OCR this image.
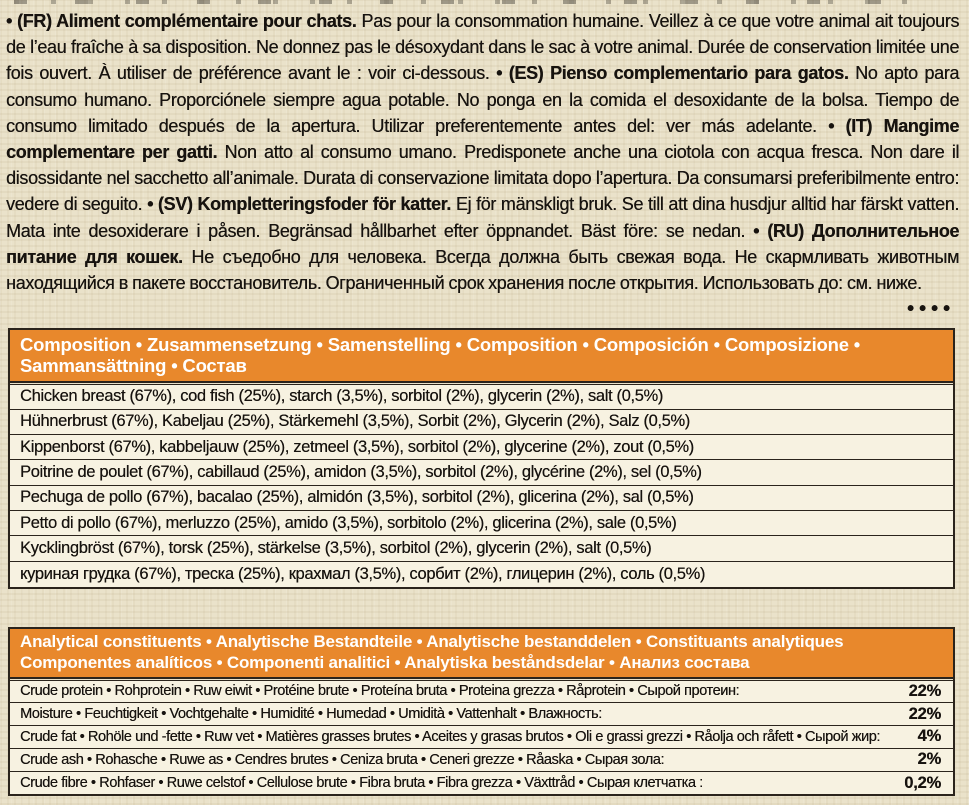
• (FR) Aliment complémentaire pour chats. Pas pour la consommation humaine. Veillez à ce que votre animal ait toujours de l’eau fraîche à sa disposition. Ne donnez pas le désoxydant dans le sac à votre animal. Durée de conservation limitée une fois ouvert. À utiliser de préférence avant le : voir ci-dessous. • (ES) Pienso complementario para gatos. No apto para consumo humano. Proporciónele siempre agua potable. No ponga en la comida el desoxidante de la bolsa. Tiempo de consumo limitado después de la apertura. Utilizar preferentemente antes del: ver más adelante. • (IT) Mangime complementare per gatti. Non atto al consumo umano. Predisponete anche una ciotola con acqua fresca. Non dare il disossidante nel sacchetto all’animale. Durata di conservazione limitata dopo l’apertura. Da consumarsi preferibilmente entro: vedere di seguito. • (SV) Kompletteringsfoder för katter. Ej för mänskligt bruk. Se till att dina husdjur alltid har färskt vatten. Mata inte desoxiderare i påsen. Begränsad hållbarhet efter öppnandet. Bäst före: se nedan. • (RU) Дополнительное питание для кошек. Не съедобно для человека. Всегда должна быть свежая вода. Не скармливать животным находящийся в пакете восстановитель. Ограниченный срок хранения после открытия. Использовать до: см. ниже.
••••

Composition • Zusammensetzung • Samenstelling • Composition • Composición • Composizione • Sammansättning • Состав
Chicken breast (67%), cod fish (25%), starch (3,5%), sorbitol (2%), glycerin (2%), salt (0,5%)
Hühnerbrust (67%), Kabeljau (25%), Stärkemehl (3,5%), Sorbit (2%), Glycerin (2%), Salz (0,5%)
Kippenborst (67%), kabbeljauw (25%), zetmeel (3,5%), sorbitol (2%), glycerine (2%), zout (0,5%)
Poitrine de poulet (67%), cabillaud (25%), amidon (3,5%), sorbitol (2%), glycérine (2%), sel (0,5%)
Pechuga de pollo (67%), bacalao (25%), almidón (3,5%), sorbitol (2%), glicerina (2%), sal (0,5%)
Petto di pollo (67%), merluzzo (25%), amido (3,5%), sorbitolo (2%), glicerina (2%), sale (0,5%)
Kycklingbröst (67%), torsk (25%), stärkelse (3,5%), sorbitol (2%), glycerin (2%), salt (0,5%)
куриная грудка (67%), треска (25%), крахмал (3,5%), сорбит (2%), глицерин (2%), соль (0,5%)
Analytical constituents • Analytische Bestandteile • Analytische bestanddelen • Constituants analytiques
Componentes analíticos • Componenti analitici • Analytiska beståndsdelar • Анализ состава
Crude protein • Rohprotein • Ruw eiwit • Protéine brute • Proteína bruta • Proteina grezza • Råprotein • Сырой протеин:	22%
Moisture • Feuchtigkeit • Vochtgehalte • Humidité • Humedad • Umidità • Vattenhalt • Влажность:	22%
Crude fat • Rohöle und -fette • Ruw vet • Matières grasses brutes • Aceites y grasas brutos • Oli e grassi grezzi • Råolja och råfett • Сырой жир:	4%
Crude ash • Rohasche • Ruwe as • Cendres brutes • Ceniza bruta • Ceneri grezze • Råaska • Сырая зола:	2%
Crude fibre • Rohfaser • Ruwe celstof • Cellulose brute • Fibra bruta • Fibra grezza • Växttråd • Сырая клетчатка :	0,2%
